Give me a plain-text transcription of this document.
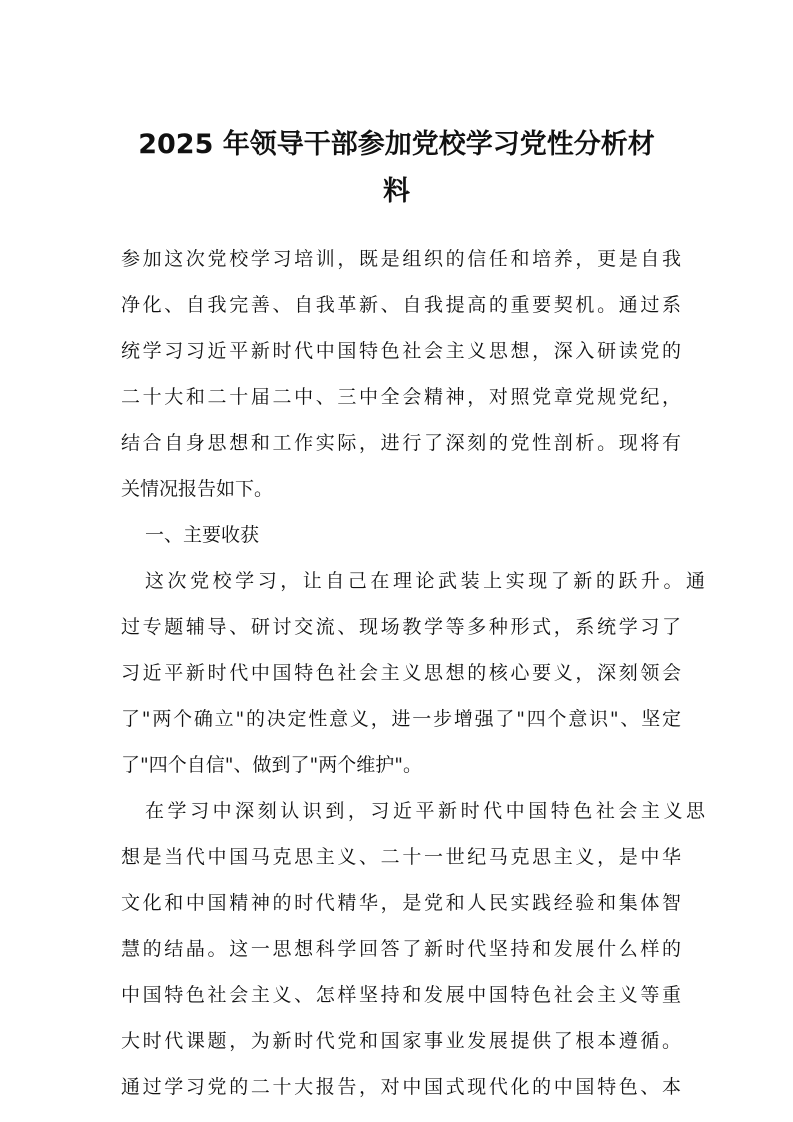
2025 年领导干部参加党校学习党性分析材
料

参加这次党校学习培训，既是组织的信任和培养，更是自我

净化、自我完善、自我革新、自我提高的重要契机。通过系

统学习习近平新时代中国特色社会主义思想，深入研读党的

二十大和二十届二中、三中全会精神，对照党章党规党纪，

结合自身思想和工作实际，进行了深刻的党性剖析。现将有

关情况报告如下。

一、主要收获

这次党校学习，让自己在理论武装上实现了新的跃升。通

过专题辅导、研讨交流、现场教学等多种形式，系统学习了

习近平新时代中国特色社会主义思想的核心要义，深刻领会

了"两个确立"的决定性意义，进一步增强了"四个意识"、坚定

了"四个自信"、做到了"两个维护"。

在学习中深刻认识到，习近平新时代中国特色社会主义思

想是当代中国马克思主义、二十一世纪马克思主义，是中华

文化和中国精神的时代精华，是党和人民实践经验和集体智

慧的结晶。这一思想科学回答了新时代坚持和发展什么样的

中国特色社会主义、怎样坚持和发展中国特色社会主义等重

大时代课题，为新时代党和国家事业发展提供了根本遵循。

通过学习党的二十大报告，对中国式现代化的中国特色、本
